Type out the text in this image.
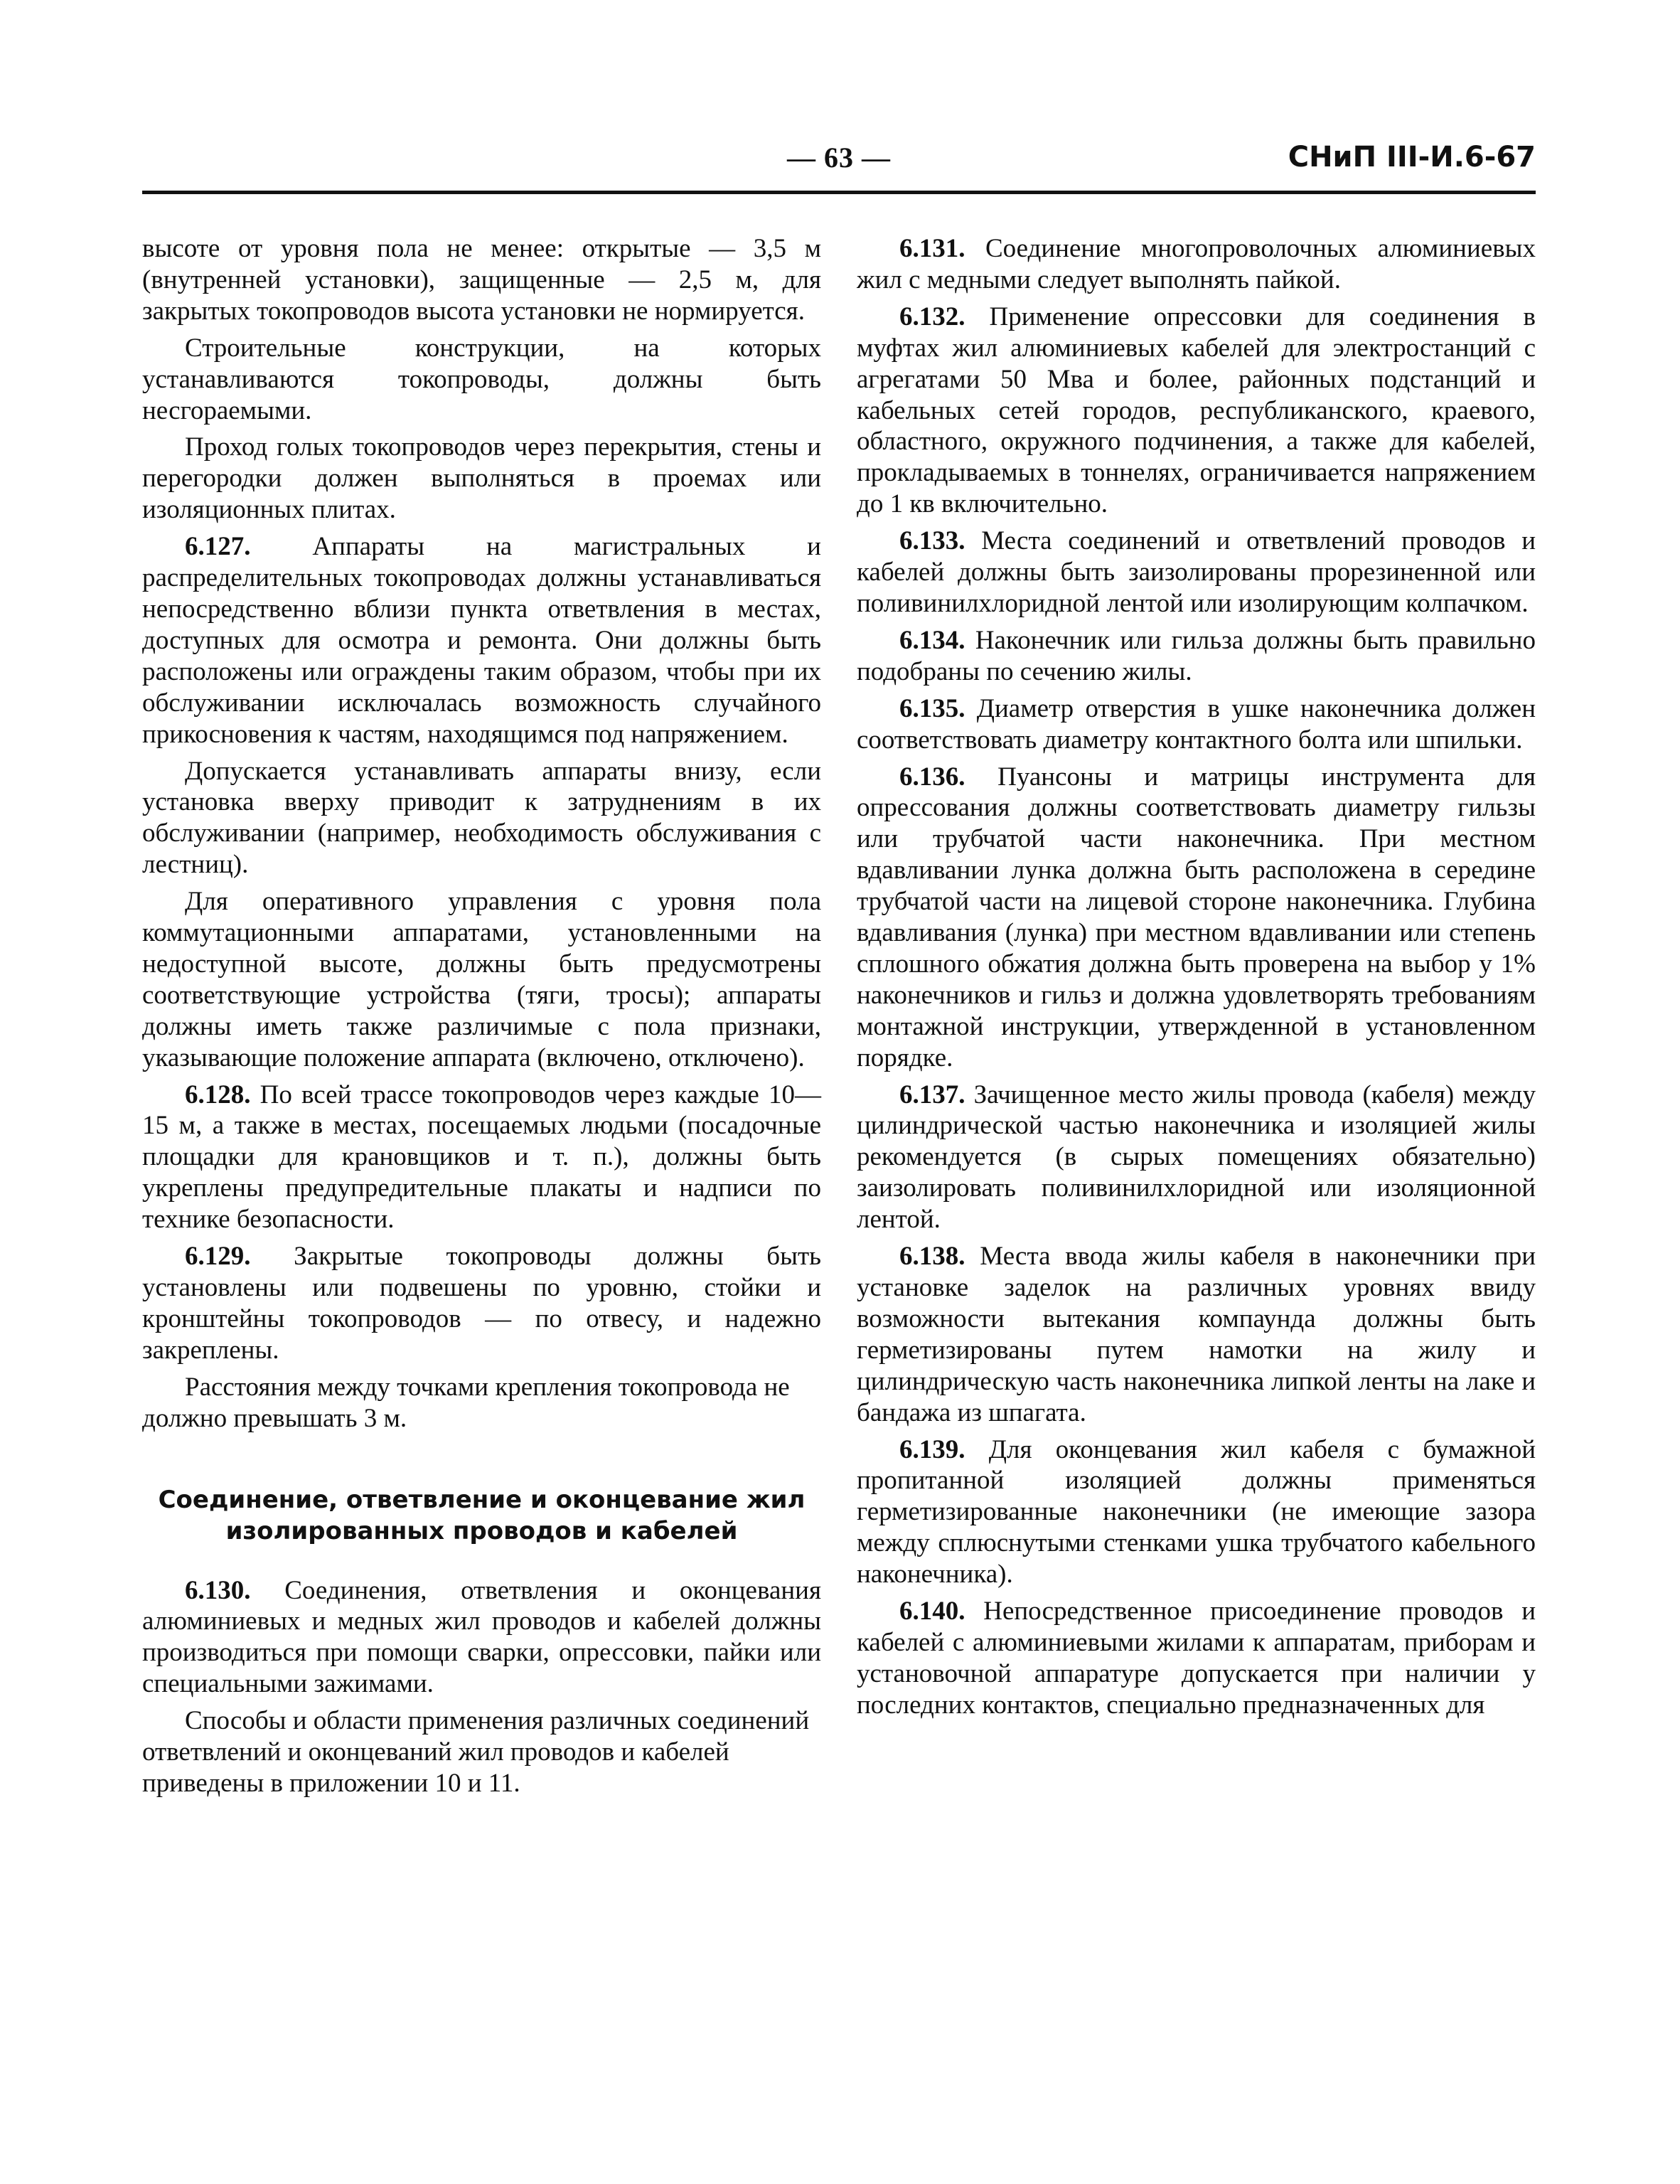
— 63 —	СНиП III-И.6-67

высоте от уровня пола не менее: открытые — 3,5 м (внутренней установки), защищенные — 2,5 м, для закрытых токопроводов высота установки не нормируется.

Строительные конструкции, на которых устанавливаются токопроводы, должны быть несгораемыми.

Проход голых токопроводов через перекрытия, стены и перегородки должен выполняться в проемах или изоляционных плитах.

6.127. Аппараты на магистральных и распределительных токопроводах должны устанавливаться непосредственно вблизи пункта ответвления в местах, доступных для осмотра и ремонта. Они должны быть расположены или ограждены таким образом, чтобы при их обслуживании исключалась возможность случайного прикосновения к частям, находящимся под напряжением.

Допускается устанавливать аппараты внизу, если установка вверху приводит к затруднениям в их обслуживании (например, необходимость обслуживания с лестниц).

Для оперативного управления с уровня пола коммутационными аппаратами, установленными на недоступной высоте, должны быть предусмотрены соответствующие устройства (тяги, тросы); аппараты должны иметь также различимые с пола признаки, указывающие положение аппарата (включено, отключено).

6.128. По всей трассе токопроводов через каждые 10—15 м, а также в местах, посещаемых людьми (посадочные площадки для крановщиков и т. п.), должны быть укреплены предупредительные плакаты и надписи по технике безопасности.

6.129. Закрытые токопроводы должны быть установлены или подвешены по уровню, стойки и кронштейны токопроводов — по отвесу, и надежно закреплены.

Расстояния между точками крепления токопровода не должно превышать 3 м.

Соединение, ответвление и оконцевание жил изолированных проводов и кабелей

6.130. Соединения, ответвления и оконцевания алюминиевых и медных жил проводов и кабелей должны производиться при помощи сварки, опрессовки, пайки или специальными зажимами.

Способы и области применения различных соединений ответвлений и оконцеваний жил проводов и кабелей приведены в приложении 10 и 11.

6.131. Соединение многопроволочных алюминиевых жил с медными следует выполнять пайкой.

6.132. Применение опрессовки для соединения в муфтах жил алюминиевых кабелей для электростанций с агрегатами 50 Мва и более, районных подстанций и кабельных сетей городов, республиканского, краевого, областного, окружного подчинения, а также для кабелей, прокладываемых в тоннелях, ограничивается напряжением до 1 кв включительно.

6.133. Места соединений и ответвлений проводов и кабелей должны быть заизолированы прорезиненной или поливинилхлоридной лентой или изолирующим колпачком.

6.134. Наконечник или гильза должны быть правильно подобраны по сечению жилы.

6.135. Диаметр отверстия в ушке наконечника должен соответствовать диаметру контактного болта или шпильки.

6.136. Пуансоны и матрицы инструмента для опрессования должны соответствовать диаметру гильзы или трубчатой части наконечника. При местном вдавливании лунка должна быть расположена в середине трубчатой части на лицевой стороне наконечника. Глубина вдавливания (лунка) при местном вдавливании или степень сплошного обжатия должна быть проверена на выбор у 1% наконечников и гильз и должна удовлетворять требованиям монтажной инструкции, утвержденной в установленном порядке.

6.137. Зачищенное место жилы провода (кабеля) между цилиндрической частью наконечника и изоляцией жилы рекомендуется (в сырых помещениях обязательно) заизолировать поливинилхлоридной или изоляционной лентой.

6.138. Места ввода жилы кабеля в наконечники при установке заделок на различных уровнях ввиду возможности вытекания компаунда должны быть герметизированы путем намотки на жилу и цилиндрическую часть наконечника липкой ленты на лаке и бандажа из шпагата.

6.139. Для оконцевания жил кабеля с бумажной пропитанной изоляцией должны применяться герметизированные наконечники (не имеющие зазора между сплюснутыми стенками ушка трубчатого кабельного наконечника).

6.140. Непосредственное присоединение проводов и кабелей с алюминиевыми жилами к аппаратам, приборам и установочной аппаратуре допускается при наличии у последних контактов, специально предназначенных для
